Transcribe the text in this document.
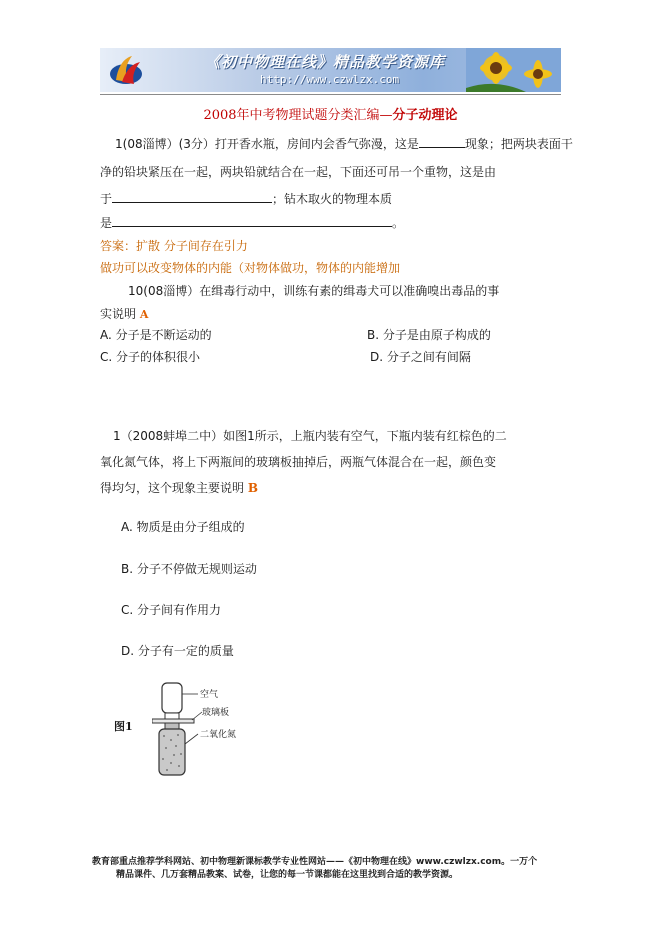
《初中物理在线》精品教学资源库
http://www.czwlzx.com
2008年中考物理试题分类汇编—分子动理论
1(08淄博）(3分）打开香水瓶，房间内会香气弥漫，这是	现象；把两块表面干
净的铅块紧压在一起，两块铅就结合在一起，下面还可吊一个重物，这是由
于	；钻木取火的物理本质
是	。
答案：扩散 分子间存在引力
做功可以改变物体的内能（对物体做功，物体的内能增加
10(08淄博）在缉毒行动中，训练有素的缉毒犬可以准确嗅出毒品的事
实说明 A
A. 分子是不断运动的	B. 分子是由原子构成的
C. 分子的体积很小	D. 分子之间有间隔
1（2008蚌埠二中）如图1所示，上瓶内装有空气，下瓶内装有红棕色的二
氧化氮气体，将上下两瓶间的玻璃板抽掉后，两瓶气体混合在一起，颜色变
得均匀，这个现象主要说明 B
A. 物质是由分子组成的
B. 分子不停做无规则运动
C. 分子间有作用力
D. 分子有一定的质量
图1
空气
玻璃板
二氧化氮
教育部重点推荐学科网站、初中物理新课标教学专业性网站——《初中物理在线》www.czwlzx.com。一万个
精品课件、几万套精品教案、试卷，让您的每一节课都能在这里找到合适的教学资源。
